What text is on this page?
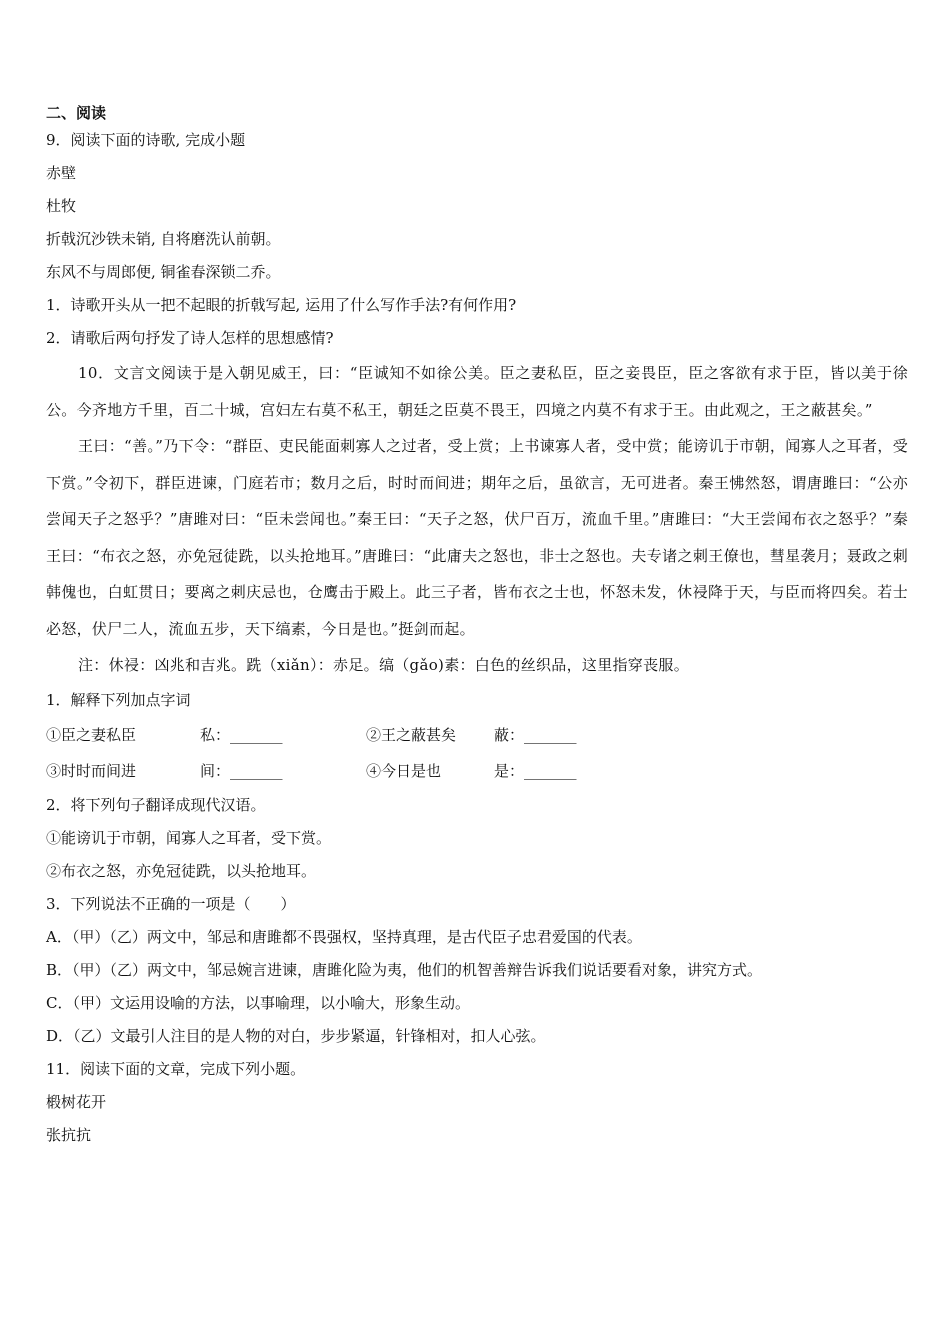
二、阅读
9．阅读下面的诗歌, 完成小题
赤壁
杜牧
折戟沉沙铁未销, 自将磨洗认前朝。
东风不与周郎便, 铜雀春深锁二乔。
1．诗歌开头从一把不起眼的折戟写起, 运用了什么写作手法?有何作用?
2．请歌后两句抒发了诗人怎样的思想感情?
10．文言文阅读于是入朝见威王，曰：“臣诚知不如徐公美。臣之妻私臣，臣之妾畏臣，臣之客欲有求于臣，皆以美于徐公。今齐地方千里，百二十城，宫妇左右莫不私王，朝廷之臣莫不畏王，四境之内莫不有求于王。由此观之，王之蔽甚矣。”
王曰：“善。”乃下令：“群臣、吏民能面刺寡人之过者，受上赏；上书谏寡人者，受中赏；能谤讥于市朝，闻寡人之耳者，受下赏。”令初下，群臣进谏，门庭若市；数月之后，时时而间进；期年之后，虽欲言，无可进者。秦王怫然怒，谓唐雎曰：“公亦尝闻天子之怒乎？”唐雎对曰：“臣未尝闻也。”秦王曰：“天子之怒，伏尸百万，流血千里。”唐雎曰：“大王尝闻布衣之怒乎？”秦王曰：“布衣之怒，亦免冠徒跣，以头抢地耳。”唐雎曰：“此庸夫之怒也，非士之怒也。夫专诸之刺王僚也，彗星袭月；聂政之刺韩傀也，白虹贯日；要离之刺庆忌也，仓鹰击于殿上。此三子者，皆布衣之士也，怀怒未发，休祲降于天，与臣而将四矣。若士必怒，伏尸二人，流血五步，天下缟素，今日是也。”挺剑而起。
注：休祲：凶兆和吉兆。跣（xiǎn）：赤足。缟（gǎo)素：白色的丝织品，这里指穿丧服。
1．解释下列加点字词
①臣之妻私臣	私：_______	②王之蔽甚矣	蔽：_______
③时时而间进	间：_______	④今日是也	是：_______
2．将下列句子翻译成现代汉语。
①能谤讥于市朝，闻寡人之耳者，受下赏。
②布衣之怒，亦免冠徒跣，以头抢地耳。
3．下列说法不正确的一项是（　　）
A．（甲）（乙）两文中，邹忌和唐雎都不畏强权，坚持真理，是古代臣子忠君爱国的代表。
B．（甲）（乙）两文中，邹忌婉言进谏，唐雎化险为夷，他们的机智善辩告诉我们说话要看对象，讲究方式。
C．（甲）文运用设喻的方法，以事喻理，以小喻大，形象生动。
D．（乙）文最引人注目的是人物的对白，步步紧逼，针锋相对，扣人心弦。
11．阅读下面的文章，完成下列小题。
椴树花开
张抗抗
